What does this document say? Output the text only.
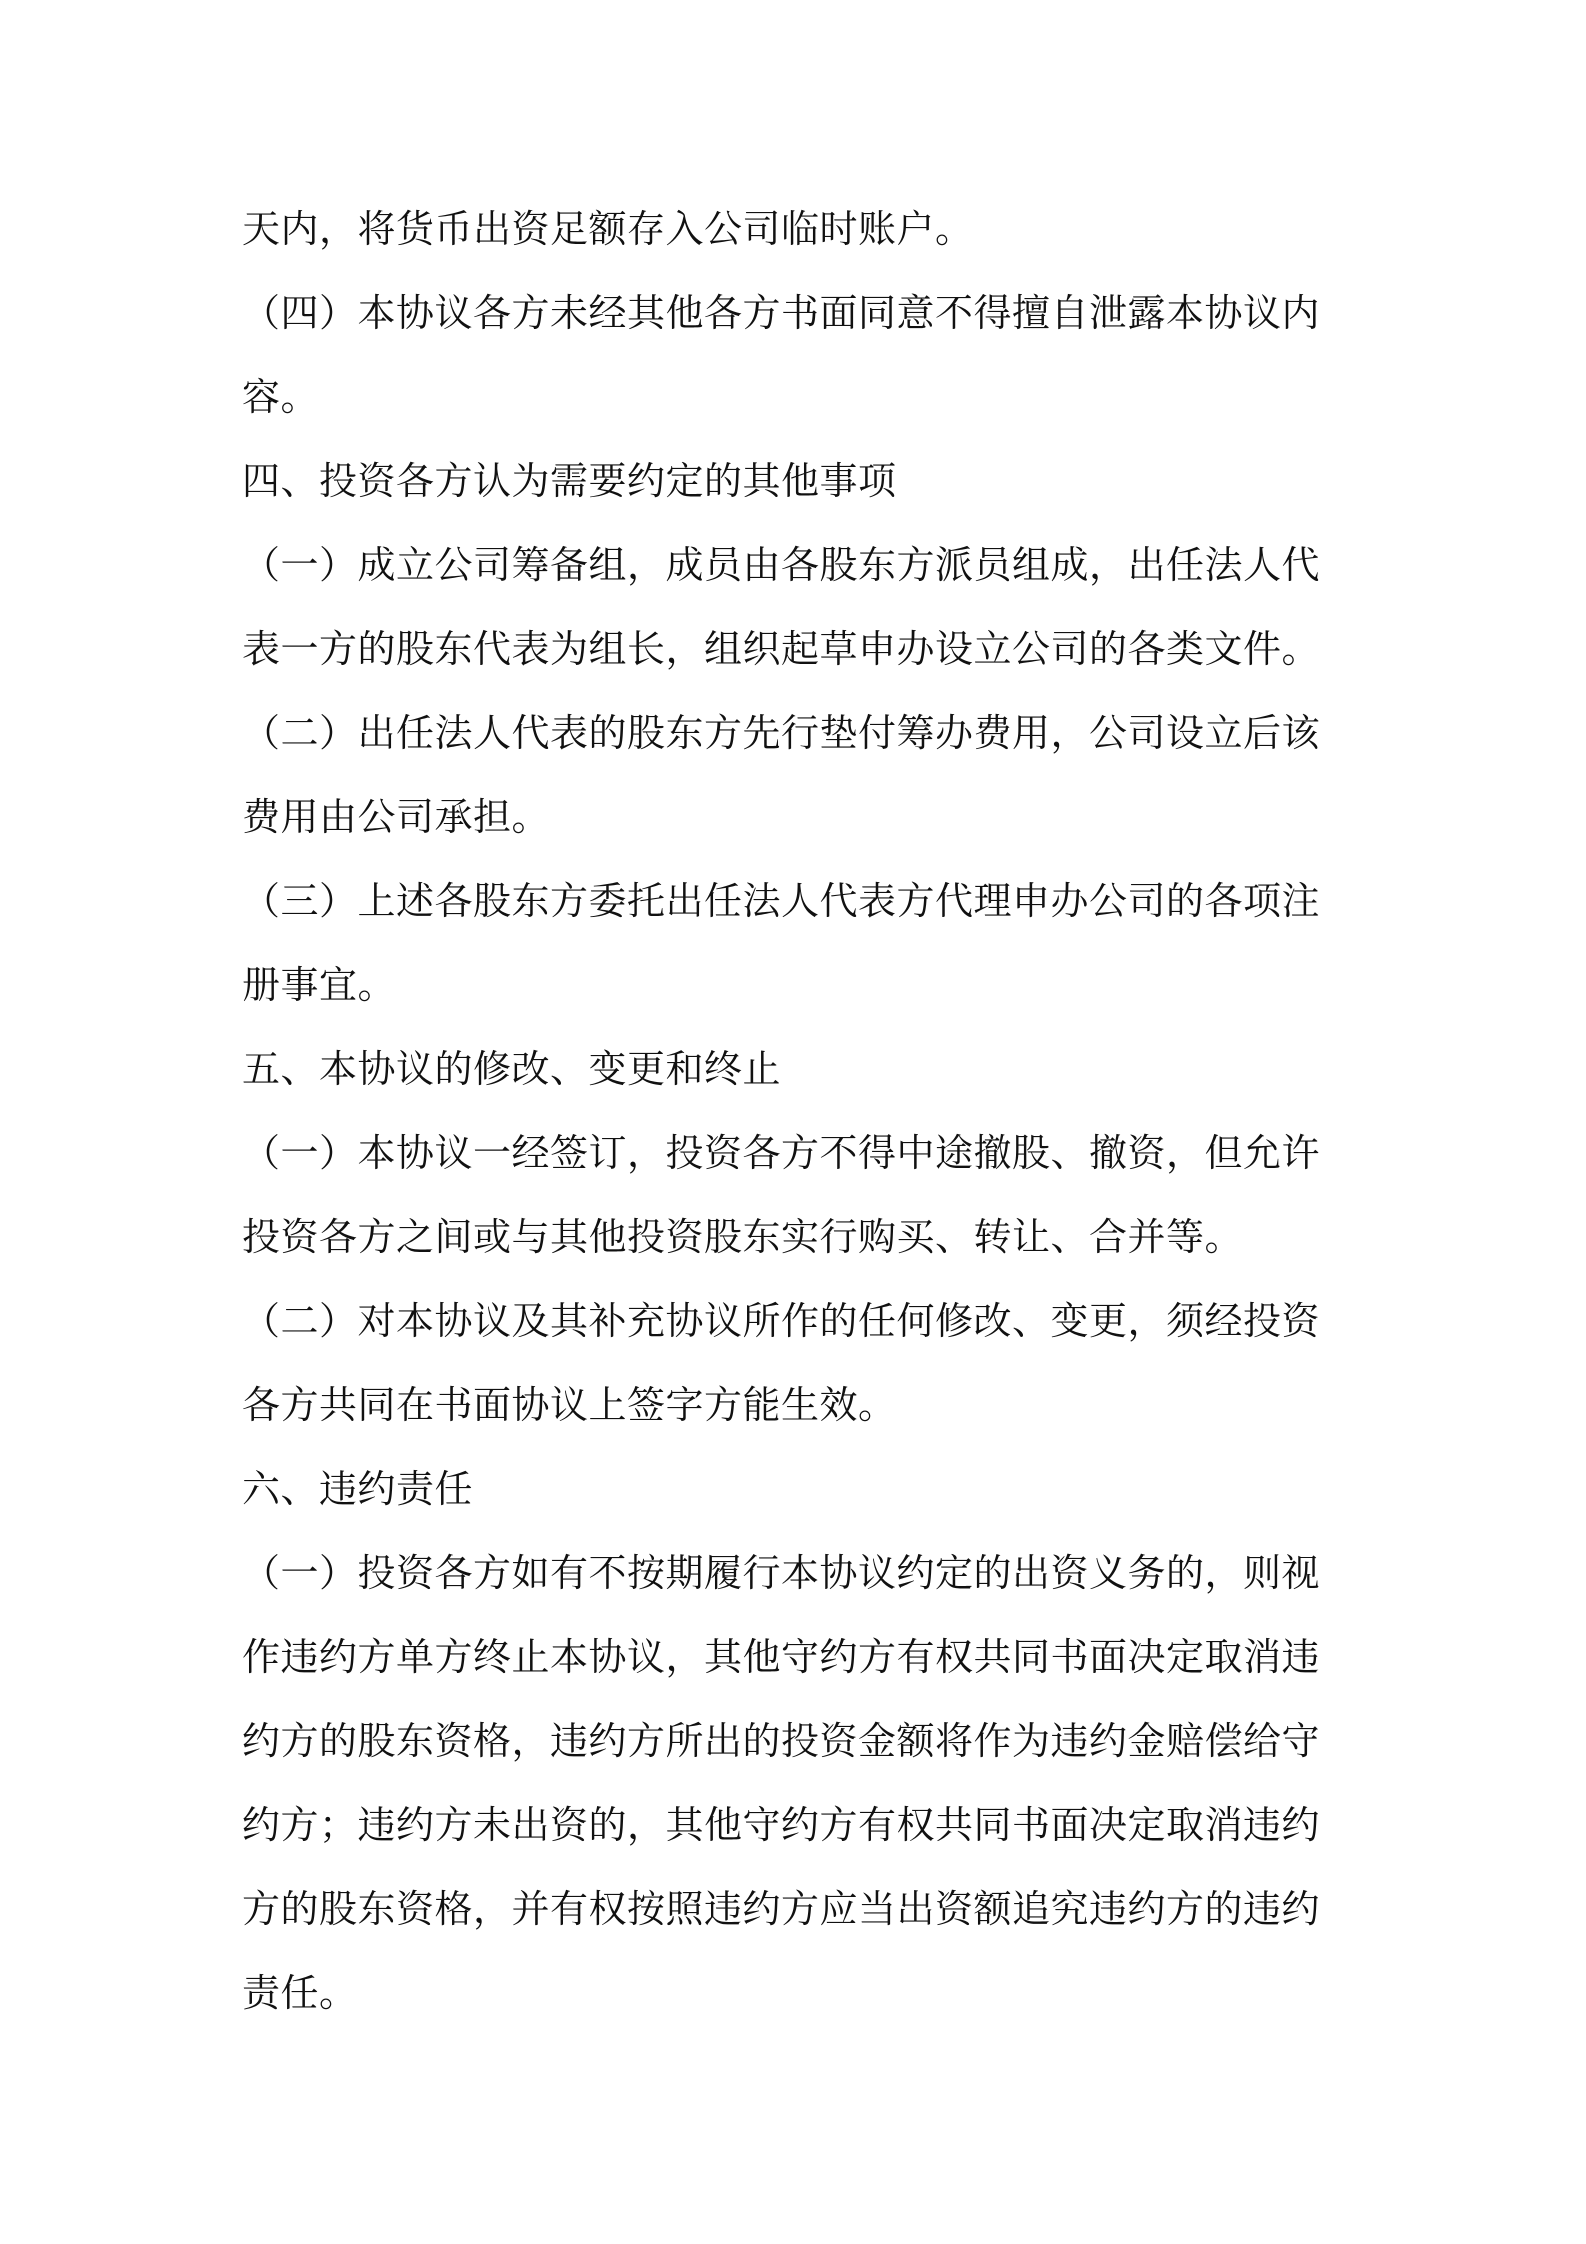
天内，将货币出资足额存入公司临时账户。
（四）本协议各方未经其他各方书面同意不得擅自泄露本协议内
容。
四、投资各方认为需要约定的其他事项
（一）成立公司筹备组，成员由各股东方派员组成，出任法人代
表一方的股东代表为组长，组织起草申办设立公司的各类文件。
（二）出任法人代表的股东方先行垫付筹办费用，公司设立后该
费用由公司承担。
（三）上述各股东方委托出任法人代表方代理申办公司的各项注
册事宜。
五、本协议的修改、变更和终止
（一）本协议一经签订，投资各方不得中途撤股、撤资，但允许
投资各方之间或与其他投资股东实行购买、转让、合并等。
（二）对本协议及其补充协议所作的任何修改、变更，须经投资
各方共同在书面协议上签字方能生效。
六、违约责任
（一）投资各方如有不按期履行本协议约定的出资义务的，则视
作违约方单方终止本协议，其他守约方有权共同书面决定取消违
约方的股东资格，违约方所出的投资金额将作为违约金赔偿给守
约方；违约方未出资的，其他守约方有权共同书面决定取消违约
方的股东资格，并有权按照违约方应当出资额追究违约方的违约
责任。
